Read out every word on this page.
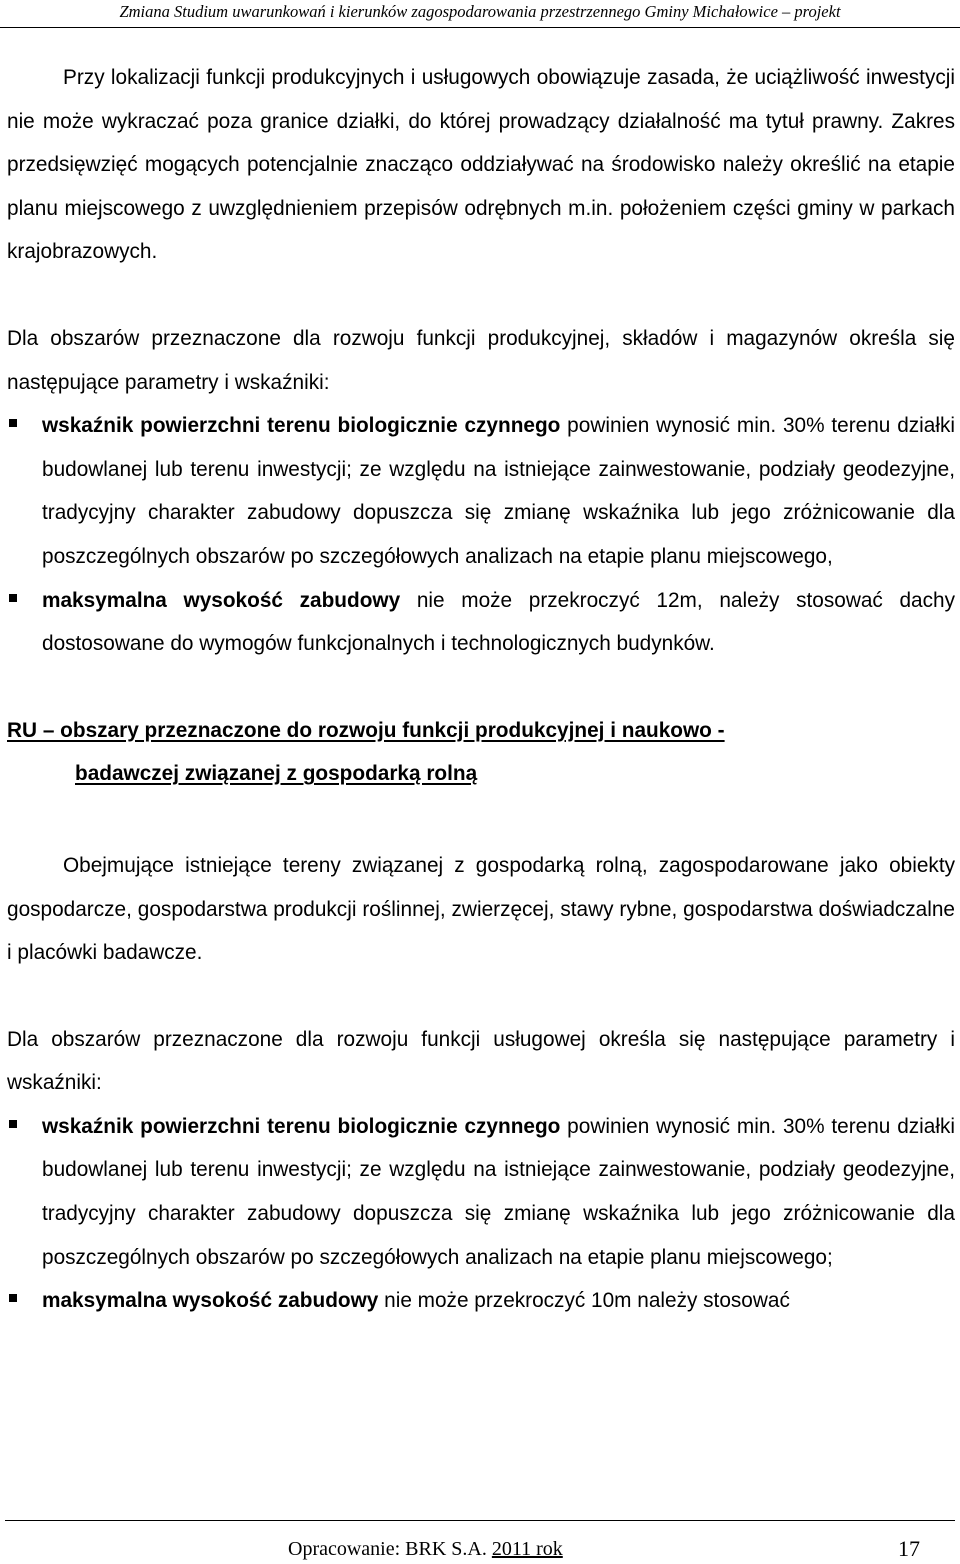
Zmiana Studium uwarunkowań i kierunków zagospodarowania przestrzennego Gminy Michałowice – projekt

Przy lokalizacji funkcji produkcyjnych i usługowych obowiązuje zasada, że uciążliwość inwestycji nie może wykraczać poza granice działki, do której prowadzący działalność ma tytuł prawny. Zakres przedsięwzięć mogących potencjalnie znacząco oddziaływać na środowisko należy określić na etapie planu miejscowego z uwzględnieniem przepisów odrębnych m.in. położeniem części gminy w parkach krajobrazowych.

Dla obszarów przeznaczone dla rozwoju funkcji produkcyjnej, składów i magazynów określa się następujące parametry i wskaźniki:

wskaźnik powierzchni terenu biologicznie czynnego powinien wynosić min. 30% terenu działki budowlanej lub terenu inwestycji; ze względu na istniejące zainwestowanie, podziały geodezyjne, tradycyjny charakter zabudowy dopuszcza się zmianę wskaźnika lub jego zróżnicowanie dla poszczególnych obszarów po szczegółowych analizach na etapie planu miejscowego,
maksymalna wysokość zabudowy nie może przekroczyć 12m, należy stosować dachy dostosowane do wymogów funkcjonalnych i technologicznych budynków.
RU – obszary przeznaczone do rozwoju funkcji produkcyjnej i naukowo -
badawczej związanej z gospodarką rolną

Obejmujące istniejące tereny związanej z gospodarką rolną, zagospodarowane jako obiekty gospodarcze, gospodarstwa produkcji roślinnej, zwierzęcej, stawy rybne, gospodarstwa doświadczalne i placówki badawcze.

Dla obszarów przeznaczone dla rozwoju funkcji usługowej określa się następujące parametry i wskaźniki:

wskaźnik powierzchni terenu biologicznie czynnego powinien wynosić min. 30% terenu działki budowlanej lub terenu inwestycji; ze względu na istniejące zainwestowanie, podziały geodezyjne, tradycyjny charakter zabudowy dopuszcza się zmianę wskaźnika lub jego zróżnicowanie dla poszczególnych obszarów po szczegółowych analizach na etapie planu miejscowego;
maksymalna wysokość zabudowy nie może przekroczyć 10m należy stosować
Opracowanie: BRK S.A. 2011 rok	17
